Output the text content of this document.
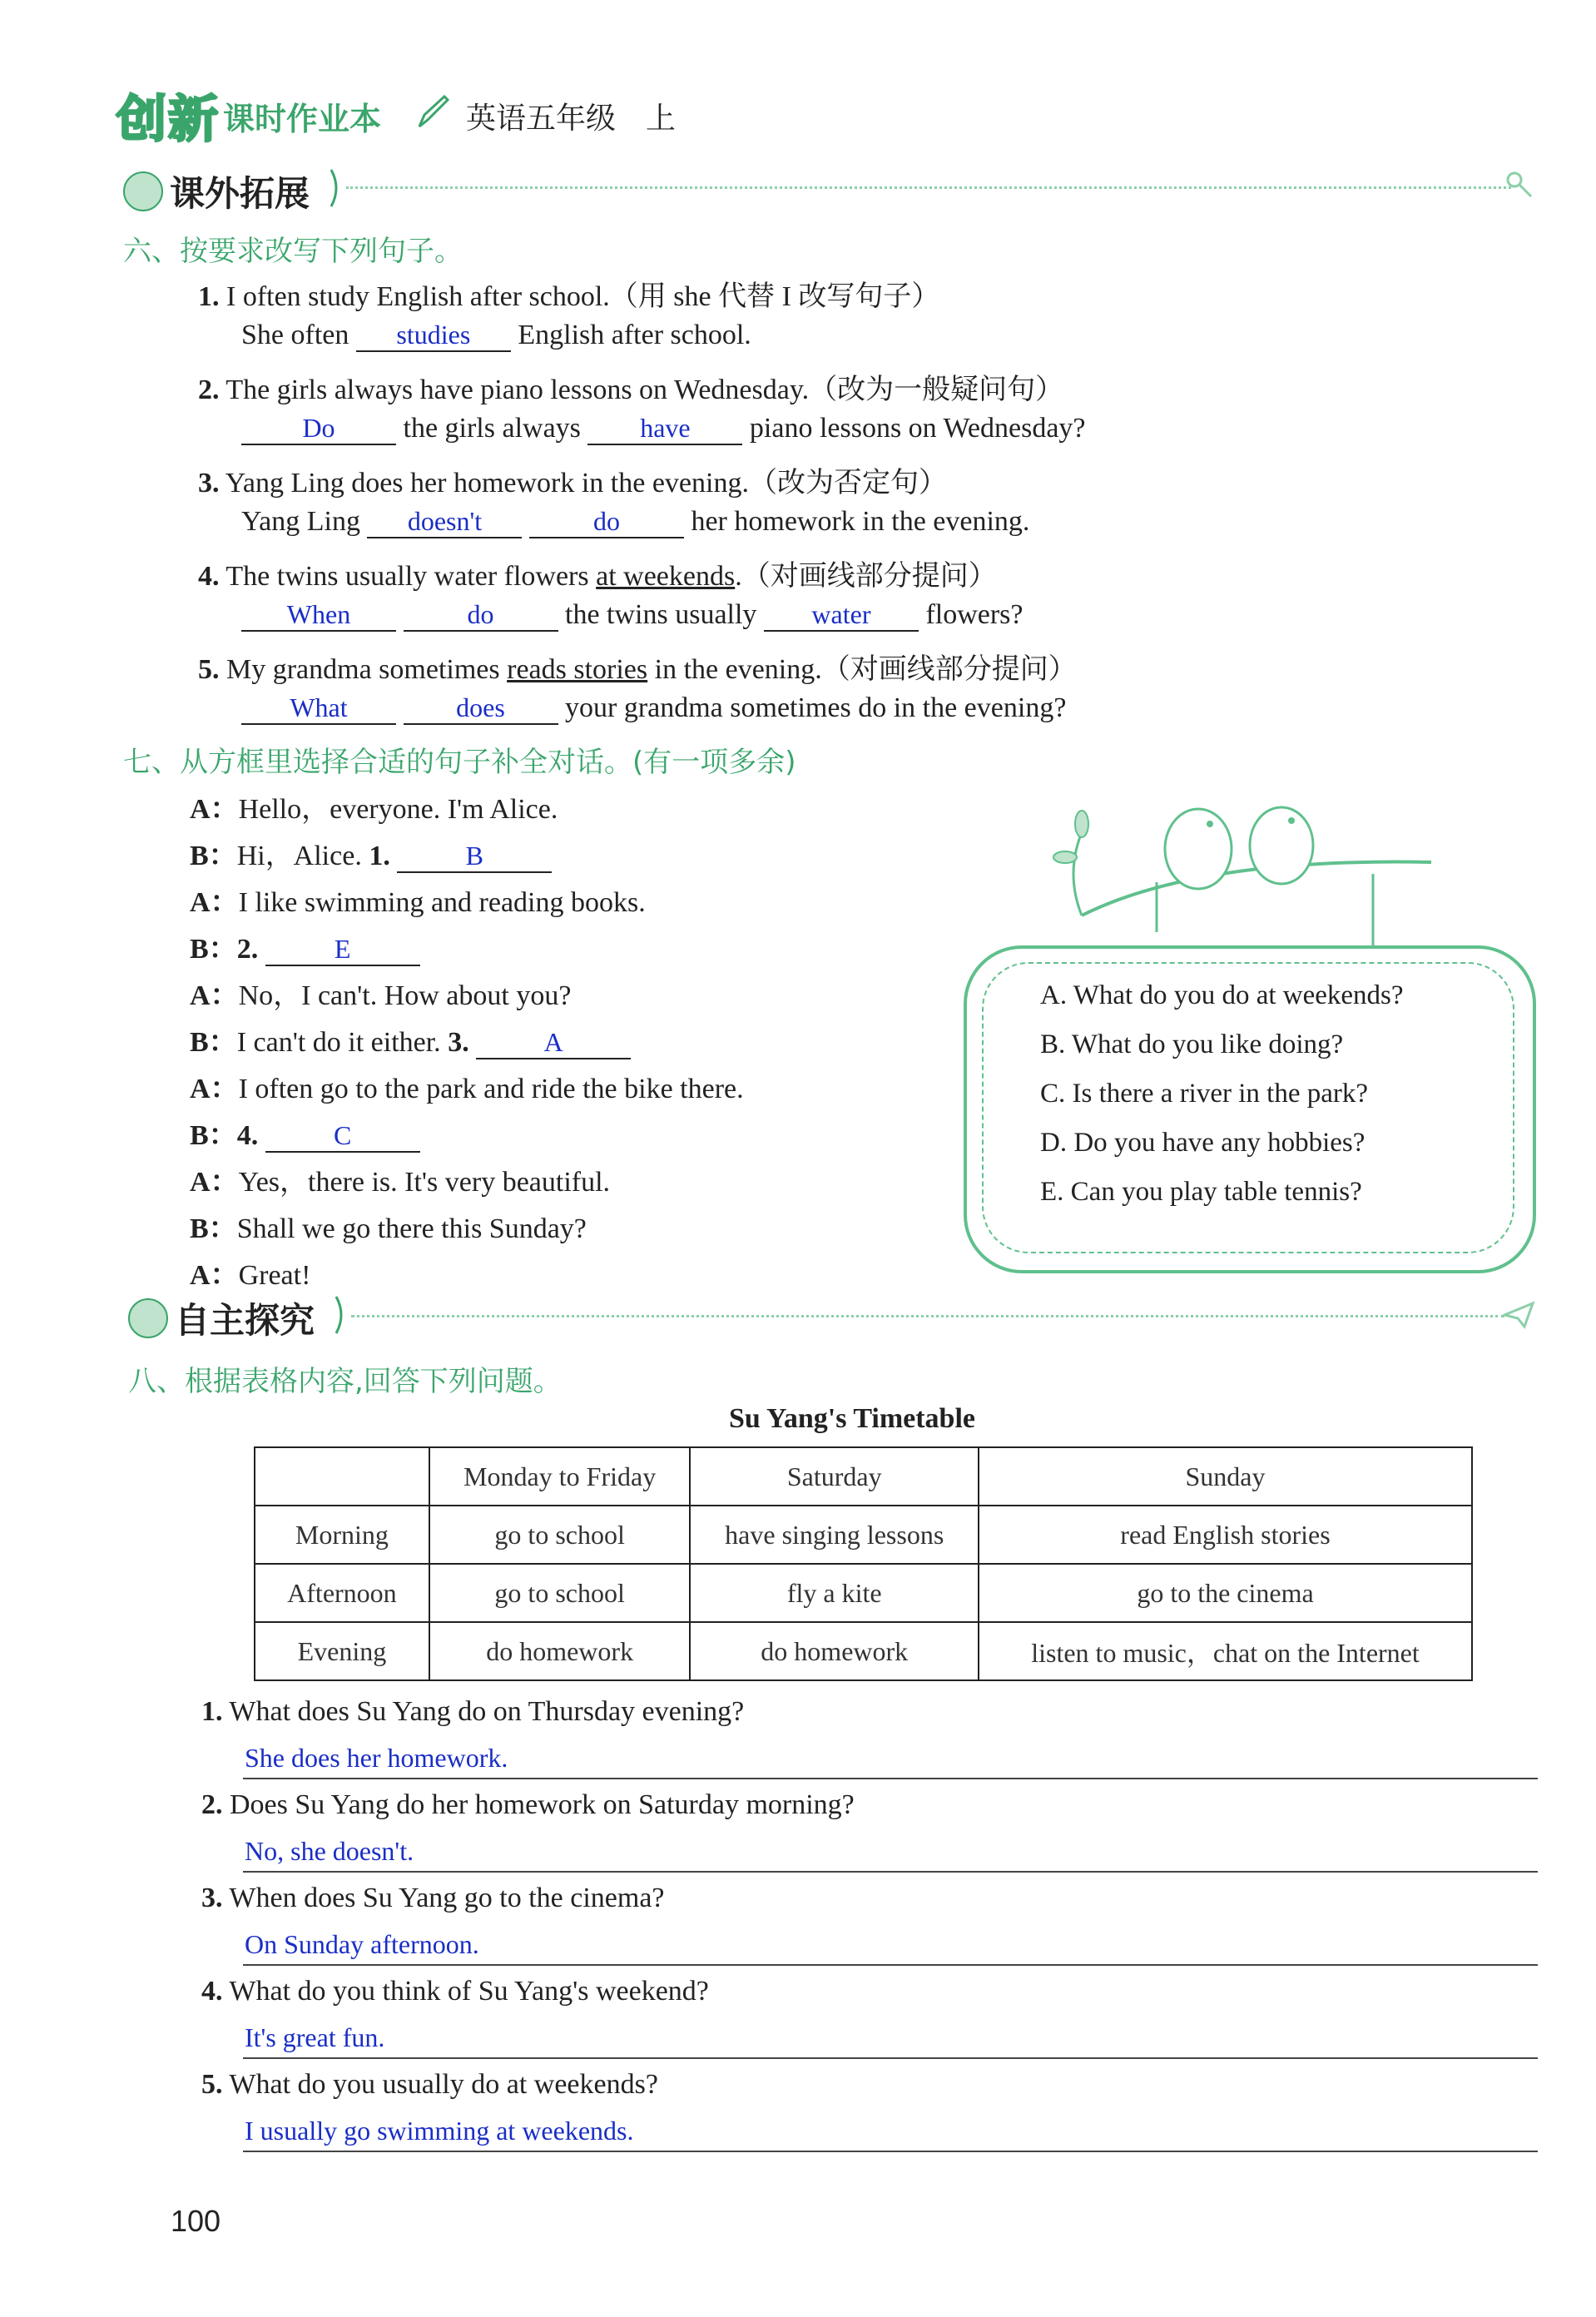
创新 课时作业本	英语五年级　上
课外拓展
六、按要求改写下列句子。
1. I often study English after school.（用 she 代替 I 改写句子）
She often studies English after school.
2. The girls always have piano lessons on Wednesday.（改为一般疑问句）
Do the girls always have piano lessons on Wednesday?
3. Yang Ling does her homework in the evening.（改为否定句）
Yang Ling doesn't	do	her homework in the evening.
4. The twins usually water flowers at weekends.（对画线部分提问）
When	do	the twins usually water flowers?
5. My grandma sometimes reads stories in the evening.（对画线部分提问）
What	does your grandma sometimes do in the evening?
七、从方框里选择合适的句子补全对话。(有一项多余)
A：Hello，everyone. I'm Alice.
B：Hi，Alice. 1.	B
A：I like swimming and reading books.
B：2.	E
A：No，I can't. How about you?
B：I can't do it either. 3.	A
A：I often go to the park and ride the bike there.
B：4.	C
A：Yes，there is. It's very beautiful.
B：Shall we go there this Sunday?
A：Great!
A. What do you do at weekends?
B. What do you like doing?
C. Is there a river in the park?
D. Do you have any hobbies?
E. Can you play table tennis?
自主探究
八、根据表格内容,回答下列问题。
Su Yang's Timetable
	Monday to Friday	Saturday	Sunday
Morning	go to school	have singing lessons	read English stories
Afternoon	go to school	fly a kite	go to the cinema
Evening	do homework	do homework	listen to music，chat on the Internet
1. What does Su Yang do on Thursday evening?
She does her homework.
2. Does Su Yang do her homework on Saturday morning?
No, she doesn't.
3. When does Su Yang go to the cinema?
On Sunday afternoon.
4. What do you think of Su Yang's weekend?
It's great fun.
5. What do you usually do at weekends?
I usually go swimming at weekends.
100
